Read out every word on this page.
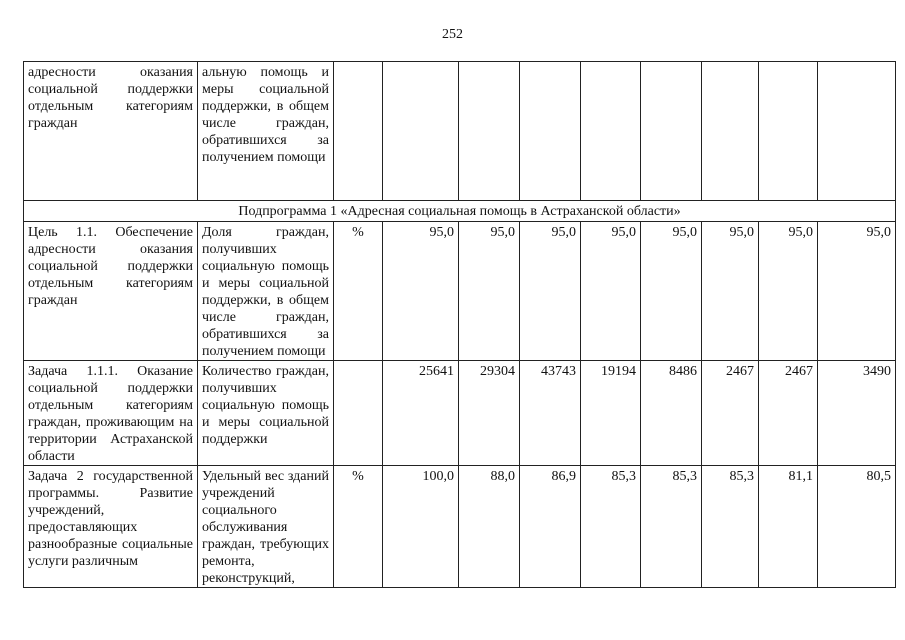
252
адресности оказания социальной поддержки отдельным категориям граждан	альную помощь и меры социальной поддержки, в общем числе граждан, обратившихся за получением помощи									
Подпрограмма 1 «Адресная социальная помощь в Астраханской области»										
Цель 1.1. Обеспечение адресности оказания социальной поддержки отдельным категориям граждан	Доля граждан, получивших социальную помощь и меры социальной поддержки, в общем числе граждан, обратившихся за получением помощи	%	95,0	95,0	95,0	95,0	95,0	95,0	95,0	95,0
Задача 1.1.1. Оказание социальной поддержки отдельным категориям граждан, проживающим на территории Астраханской области	Количество граждан, получивших социальную помощь и меры социальной поддержки		25641	29304	43743	19194	8486	2467	2467	3490
Задача 2 государственной программы. Развитие учреждений, предоставляющих разнообразные социальные услуги различным	Удельный вес зданий учреждений социального обслуживания граждан, требующих ремонта, реконструкций,	%	100,0	88,0	86,9	85,3	85,3	85,3	81,1	80,5
